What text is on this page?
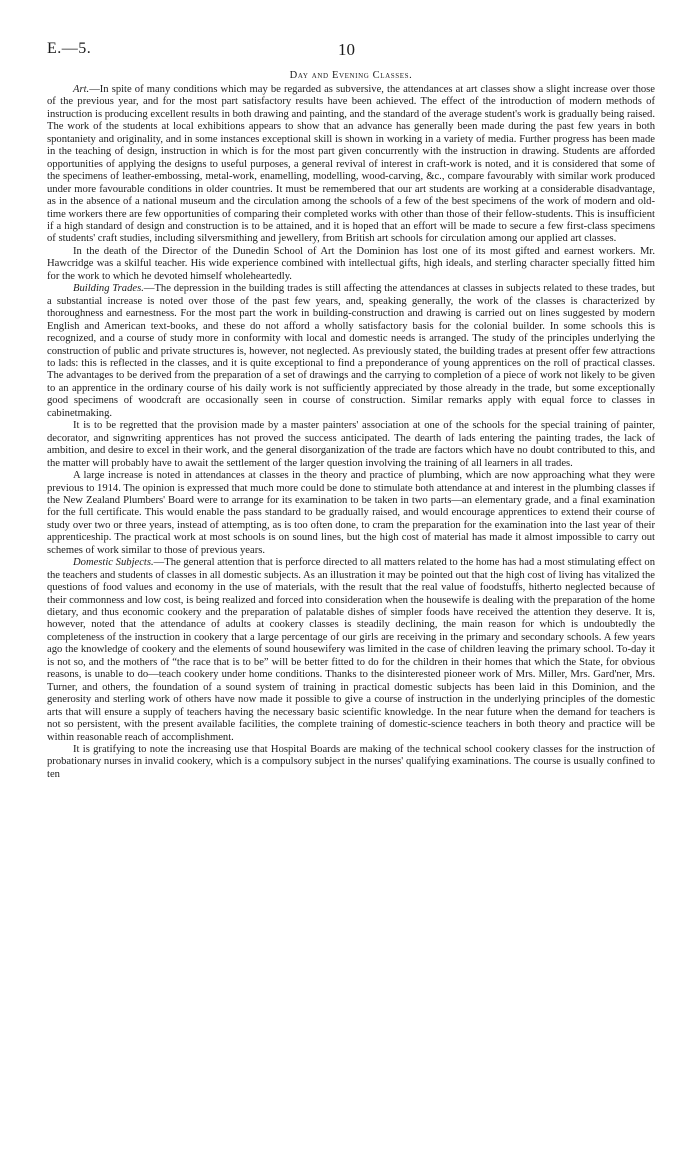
E.—5.	10
Day and Evening Classes.

Art.—In spite of many conditions which may be regarded as subversive, the attendances at art classes show a slight increase over those of the previous year, and for the most part satisfactory results have been achieved. The effect of the introduction of modern methods of instruction is producing excellent results in both drawing and painting, and the standard of the average student's work is gradually being raised. The work of the students at local exhibitions appears to show that an advance has generally been made during the past few years in both spontaniety and originality, and in some instances exceptional skill is shown in working in a variety of media. Further progress has been made in the teaching of design, instruction in which is for the most part given concurrently with the instruction in drawing. Students are afforded opportunities of applying the designs to useful purposes, a general revival of interest in craft-work is noted, and it is considered that some of the specimens of leather-embossing, metal-work, enamelling, modelling, wood-carving, &c., compare favourably with similar work produced under more favourable conditions in older countries. It must be remembered that our art students are working at a considerable disadvantage, as in the absence of a national museum and the circulation among the schools of a few of the best specimens of the work of modern and old-time workers there are few opportunities of comparing their completed works with other than those of their fellow-students. This is insufficient if a high standard of design and construction is to be attained, and it is hoped that an effort will be made to secure a few first-class specimens of students' craft studies, including silversmithing and jewellery, from British art schools for circulation among our applied art classes.

In the death of the Director of the Dunedin School of Art the Dominion has lost one of its most gifted and earnest workers. Mr. Hawcridge was a skilful teacher. His wide experience combined with intellectual gifts, high ideals, and sterling character specially fitted him for the work to which he devoted himself wholeheartedly.

Building Trades.—The depression in the building trades is still affecting the attendances at classes in subjects related to these trades, but a substantial increase is noted over those of the past few years, and, speaking generally, the work of the classes is characterized by thoroughness and earnestness. For the most part the work in building-construction and drawing is carried out on lines suggested by modern English and American text-books, and these do not afford a wholly satisfactory basis for the colonial builder. In some schools this is recognized, and a course of study more in conformity with local and domestic needs is arranged. The study of the principles underlying the construction of public and private structures is, however, not neglected. As previously stated, the building trades at present offer few attractions to lads: this is reflected in the classes, and it is quite exceptional to find a preponderance of young apprentices on the roll of practical classes. The advantages to be derived from the preparation of a set of drawings and the carrying to completion of a piece of work not likely to be given to an apprentice in the ordinary course of his daily work is not sufficiently appreciated by those already in the trade, but some exceptionally good specimens of woodcraft are occasionally seen in course of construction. Similar remarks apply with equal force to classes in cabinetmaking.

It is to be regretted that the provision made by a master painters' association at one of the schools for the special training of painter, decorator, and signwriting apprentices has not proved the success anticipated. The dearth of lads entering the painting trades, the lack of ambition, and desire to excel in their work, and the general disorganization of the trade are factors which have no doubt contributed to this, and the matter will probably have to await the settlement of the larger question involving the training of all learners in all trades.

A large increase is noted in attendances at classes in the theory and practice of plumbing, which are now approaching what they were previous to 1914. The opinion is expressed that much more could be done to stimulate both attendance at and interest in the plumbing classes if the New Zealand Plumbers' Board were to arrange for its examination to be taken in two parts—an elementary grade, and a final examination for the full certificate. This would enable the pass standard to be gradually raised, and would encourage apprentices to extend their course of study over two or three years, instead of attempting, as is too often done, to cram the preparation for the examination into the last year of their apprenticeship. The practical work at most schools is on sound lines, but the high cost of material has made it almost impossible to carry out schemes of work similar to those of previous years.

Domestic Subjects.—The general attention that is perforce directed to all matters related to the home has had a most stimulating effect on the teachers and students of classes in all domestic subjects. As an illustration it may be pointed out that the high cost of living has vitalized the questions of food values and economy in the use of materials, with the result that the real value of foodstuffs, hitherto neglected because of their commonness and low cost, is being realized and forced into consideration when the housewife is dealing with the preparation of the home dietary, and thus economic cookery and the preparation of palatable dishes of simpler foods have received the attention they deserve. It is, however, noted that the attendance of adults at cookery classes is steadily declining, the main reason for which is undoubtedly the completeness of the instruction in cookery that a large percentage of our girls are receiving in the primary and secondary schools. A few years ago the knowledge of cookery and the elements of sound housewifery was limited in the case of children leaving the primary school. To-day it is not so, and the mothers of “the race that is to be” will be better fitted to do for the children in their homes that which the State, for obvious reasons, is unable to do—teach cookery under home conditions. Thanks to the disinterested pioneer work of Mrs. Miller, Mrs. Gard'ner, Mrs. Turner, and others, the foundation of a sound system of training in practical domestic subjects has been laid in this Dominion, and the generosity and sterling work of others have now made it possible to give a course of instruction in the underlying principles of the domestic arts that will ensure a supply of teachers having the necessary basic scientific knowledge. In the near future when the demand for teachers is not so persistent, with the present available facilities, the complete training of domestic-science teachers in both theory and practice will be within reasonable reach of accomplishment.

It is gratifying to note the increasing use that Hospital Boards are making of the technical school cookery classes for the instruction of probationary nurses in invalid cookery, which is a compulsory subject in the nurses' qualifying examinations. The course is usually confined to ten
